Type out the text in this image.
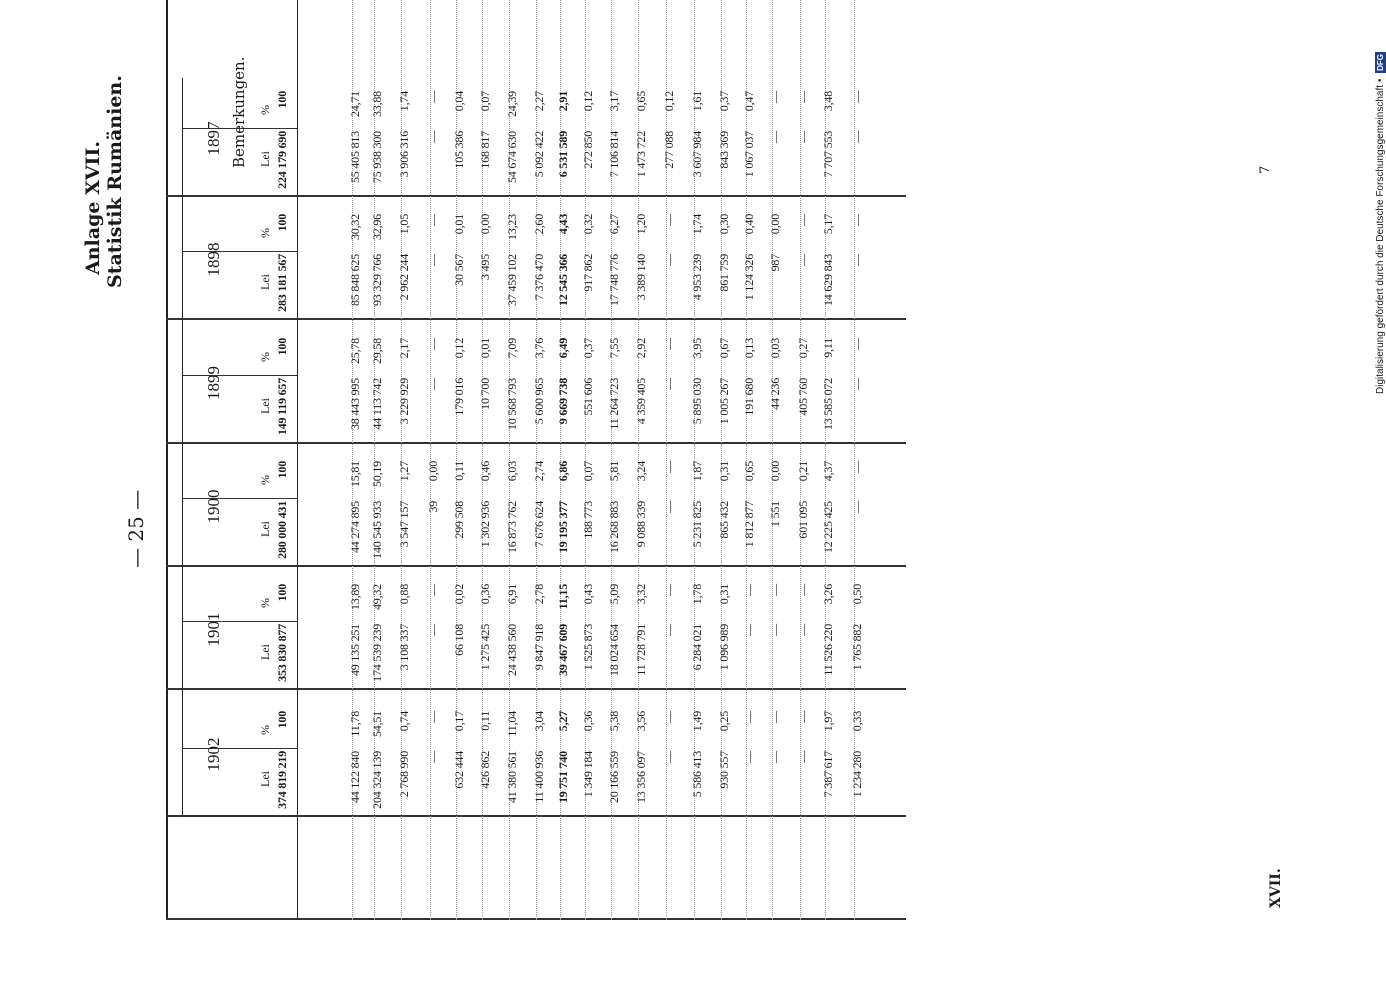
Anlage XVII. Statistik Rumänien.
— 25 —
Bemerkungen.
XVII.
7
1897
Lei
%
1898
Lei
%
1899
Lei
%
1900
Lei
%
1901
Lei
%
1902
Lei
%
224 179 690
100
283 181 567
100
149 119 657
100
280 000 431
100
353 830 877
100
374 819 219
100
55 405 813
24,71
85 848 625
30,32
38 443 995
25,78
44 274 895
15,81
49 135 251
13,89
44 122 840
11,78
75 938 300
33,88
93 329 766
32,96
44 113 742
29,58
140 545 933
50,19
174 539 239
49,32
204 324 139
54,51
3 906 316
1,74
2 962 244
1,05
3 229 929
2,17
3 547 157
1,27
3 108 337
0,88
2 768 990
0,74
—
—
—
—
—
—
39
0,00
—
—
—
—
105 386
0,04
30 567
0,01
179 016
0,12
299 508
0,11
66 108
0,02
632 444
0,17
168 817
0,07
3 495
0,00
10 700
0,01
1 302 936
0,46
1 275 425
0,36
426 862
0,11
54 674 630
24,39
37 459 102
13,23
10 568 793
7,09
16 873 762
6,03
24 438 560
6,91
41 380 561
11,04
5 092 422
2,27
7 376 470
2,60
5 600 965
3,76
7 676 624
2,74
9 847 918
2,78
11 400 936
3,04
6 531 589
2,91
12 545 366
4,43
9 669 738
6,49
19 195 377
6,86
39 467 609
11,15
19 751 740
5,27
272 850
0,12
917 862
0,32
551 606
0,37
188 773
0,07
1 525 873
0,43
1 349 184
0,36
7 106 814
3,17
17 748 776
6,27
11 264 723
7,55
16 268 883
5,81
18 024 654
5,09
20 166 559
5,38
1 473 722
0,65
3 389 140
1,20
4 359 405
2,92
9 088 339
3,24
11 728 791
3,32
13 356 097
3,56
277 088
0,12
—
—
—
—
—
—
—
—
—
—
3 607 984
1,61
4 953 239
1,74
5 895 030
3,95
5 231 825
1,87
6 284 021
1,78
5 586 413
1,49
843 369
0,37
861 759
0,30
1 005 267
0,67
865 432
0,31
1 096 989
0,31
930 557
0,25
1 067 037
0,47
1 124 326
0,40
191 680
0,13
1 812 877
0,65
—
—
—
—
—
—
987
0,00
44 236
0,03
1 551
0,00
—
—
—
—
—
—
—
—
405 760
0,27
601 095
0,21
—
—
—
—
7 707 553
3,48
14 629 843
5,17
13 585 072
9,11
12 225 425
4,37
11 526 220
3,26
7 387 617
1,97
—
—
—
—
—
—
—
—
1 765 882
0,50
1 234 280
0,33
Digitalisierung gefördert durch die Deutsche Forschungsgemeinschaft • DFG
